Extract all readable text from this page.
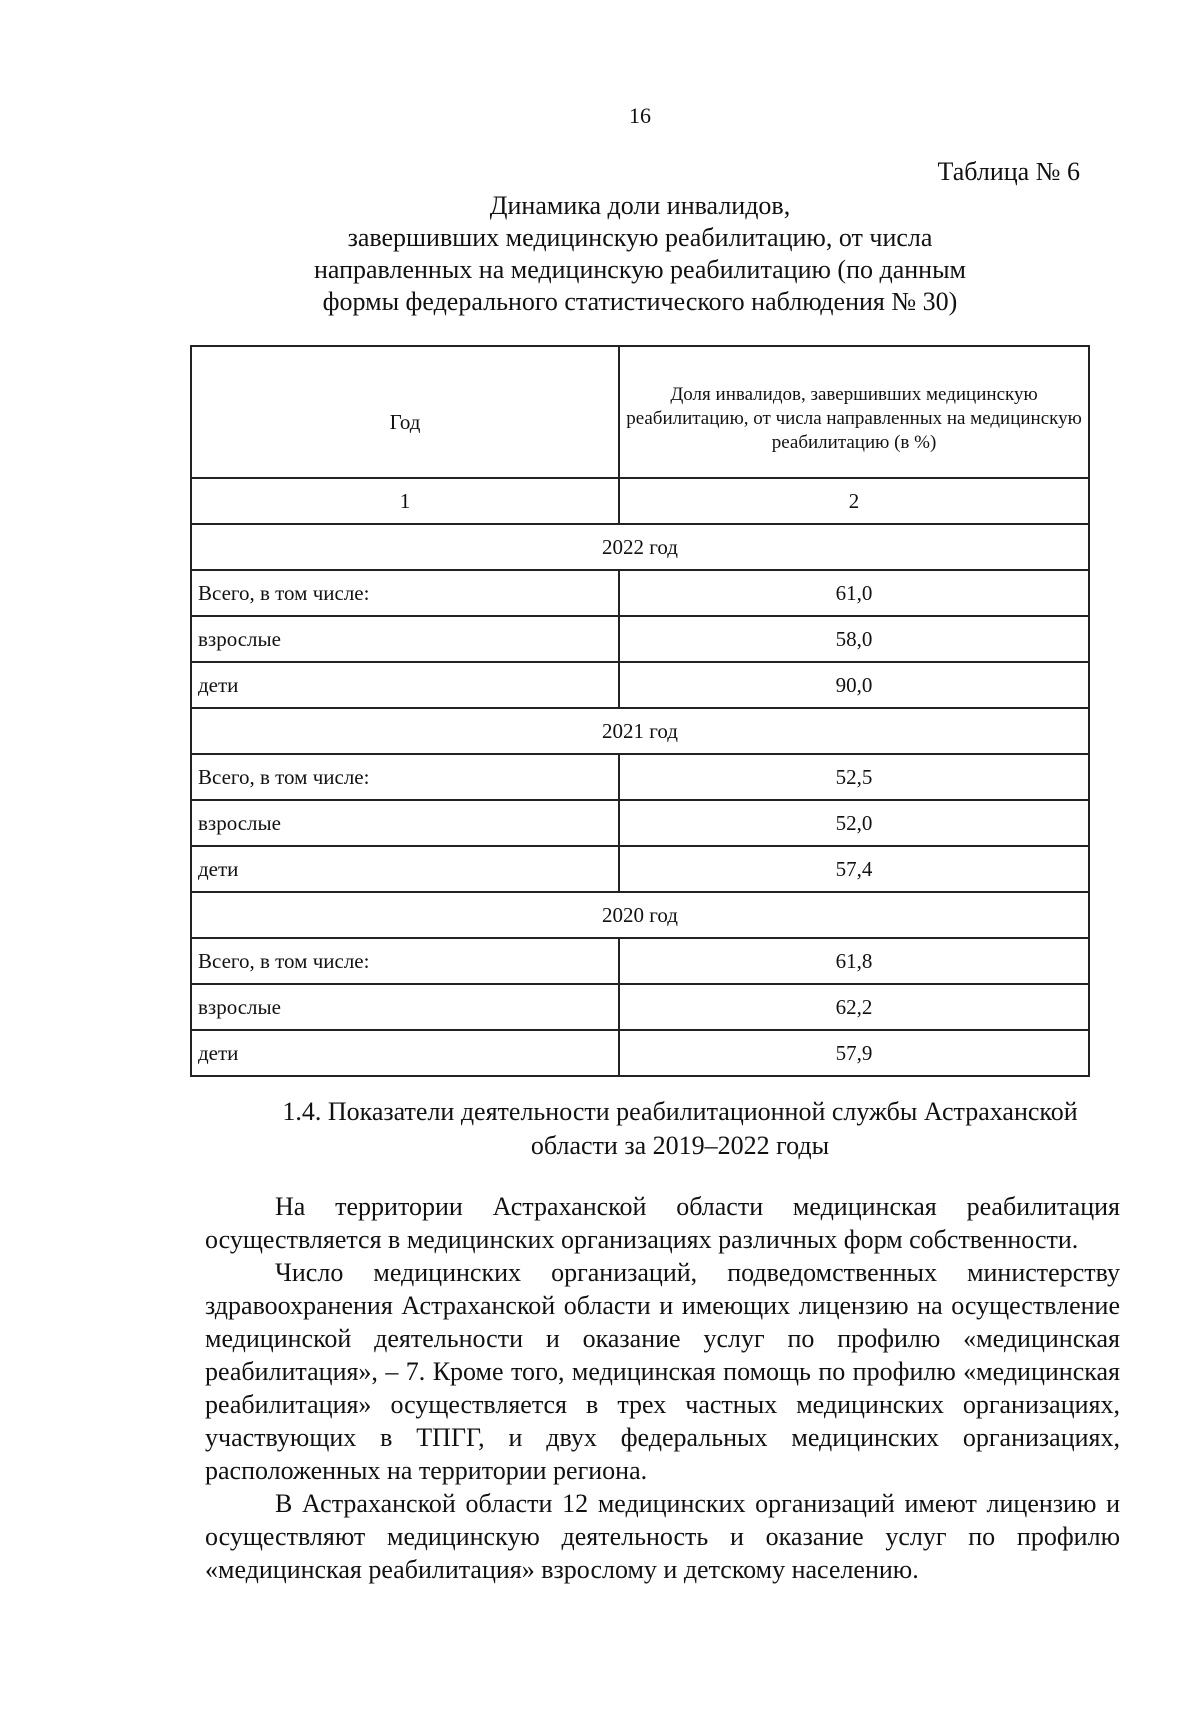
16
Таблица № 6
Динамика доли инвалидов,
завершивших медицинскую реабилитацию, от числа
направленных на медицинскую реабилитацию (по данным
формы федерального статистического наблюдения № 30)
Год	Доля инвалидов, завершивших медицинскую реабилитацию, от числа направленных на медицинскую реабилитацию (в %)
1	2
2022 год	
Всего, в том числе:	61,0
взрослые	58,0
дети	90,0
2021 год	
Всего, в том числе:	52,5
взрослые	52,0
дети	57,4
2020 год	
Всего, в том числе:	61,8
взрослые	62,2
дети	57,9
1.4. Показатели деятельности реабилитационной службы Астраханской области за 2019–2022 годы

На территории Астраханской области медицинская реабилитация осуществляется в медицинских организациях различных форм собственности.

Число медицинских организаций, подведомственных министерству здравоохранения Астраханской области и имеющих лицензию на осуществление медицинской деятельности и оказание услуг по профилю «медицинская реабилитация», – 7. Кроме того, медицинская помощь по профилю «медицинская реабилитация» осуществляется в трех частных медицинских организациях, участвующих в ТПГГ, и двух федеральных медицинских организациях, расположенных на территории региона.

В Астраханской области 12 медицинских организаций имеют лицензию и осуществляют медицинскую деятельность и оказание услуг по профилю «медицинская реабилитация» взрослому и детскому населению.
